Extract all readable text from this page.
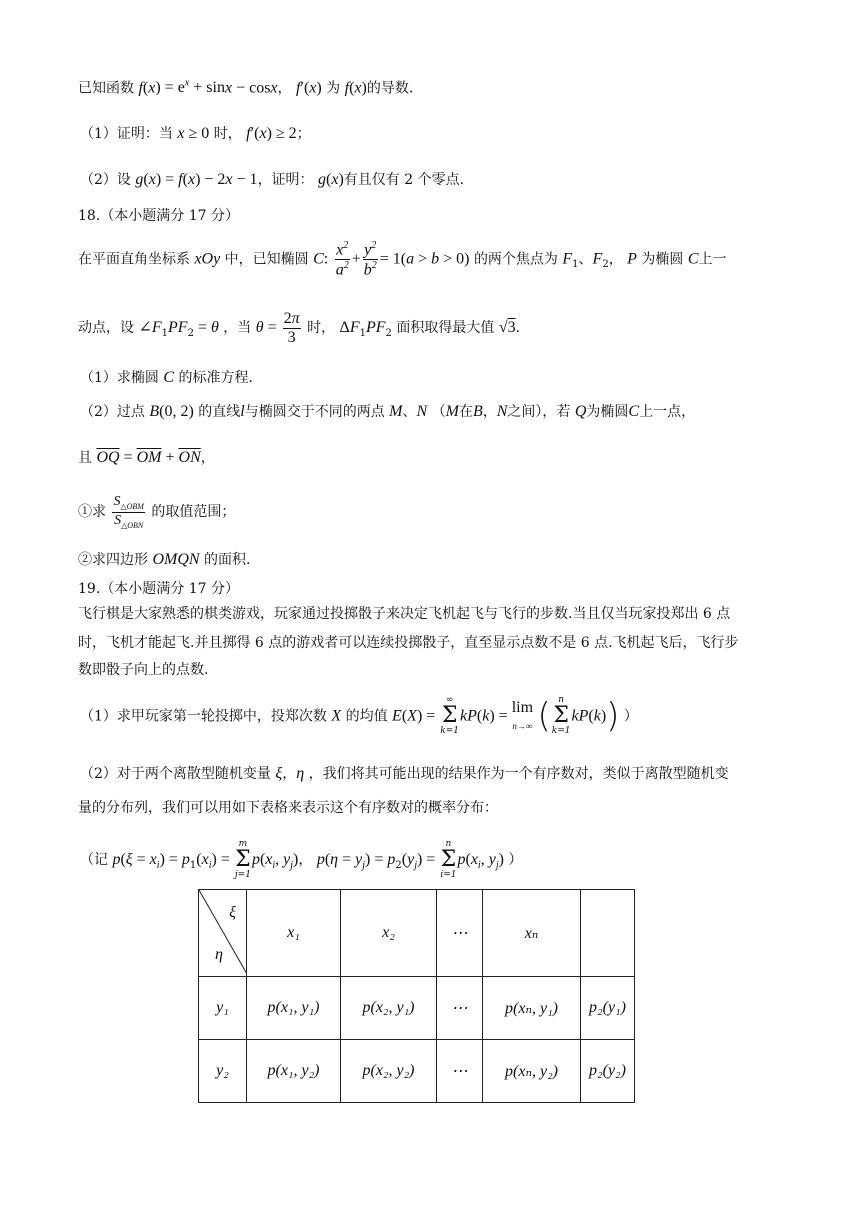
已知函数 $f(x) = e^x + \sin x - \cos x$， f′(x) 为 f(x)的导数.
（1）证明：当 x ≥ 0 时， f′(x) ≥ 2；
（2）设 g(x) = f(x) − 2x − 1，证明： g(x)有且仅有 2 个零点.
18.（本小题满分 17 分）
在平面直角坐标系 xOy 中，已知椭圆 C: $\frac{x^2}{a^2} + \frac{y^2}{b^2} = 1(a > b > 0)$ 的两个焦点为 $F_1$、$F_2$， P 为椭圆 C上一
动点，设 $\angle F_1PF_2 = \theta$ ，当 $\theta = \frac{2\pi}{3}$ 时， $\Delta F_1PF_2$ 面积取得最大值 √3.
（1）求椭圆 C 的标准方程.
（2）过点 B(0, 2) 的直线l与椭圆交于不同的两点 M、N （M在B，N之间），若 Q为椭圆C上一点，
且 $\overline{OQ} = \overline{OM} + \overline{ON}$，
①求 $\frac{S_{\triangle OBM}}{S_{\triangle OBN}}$ 的取值范围；
②求四边形 OMQN 的面积.
19.（本小题满分 17 分）
飞行棋是大家熟悉的棋类游戏，玩家通过投掷骰子来决定飞机起飞与飞行的步数.当且仅当玩家投郑出 6 点
时，飞机才能起飞.并且掷得 6 点的游戏者可以连续投掷骰子，直至显示点数不是 6 点.飞机起飞后，飞行步
数即骰子向上的点数.
（1）求甲玩家第一轮投掷中，投郑次数 X 的均值 E(X) =
∞
Σ
k=1
kP(k) = lim
n→∞ ( n
Σ
k=1
kP(k)) ）
（2）对于两个离散型随机变量 ξ，η ，我们将其可能出现的结果作为一个有序数对，类似于离散型随机变
量的分布列，我们可以用如下表格来表示这个有序数对的概率分布：
（记 $p(\xi = x_i) = p_1(x_i)$ =
m
Σ
j=1
$p(x_i$, $y_j$)， $p(\eta = y_j) = p_2(y_j)$ =
n
Σ
i=1
$p(x_i$, $y_j$) ）
ξ
η	x₁	x₂	⋯	xₙ	
y₁	p(x₁, y₁)	p(x₂, y₁)	⋯	p(xₙ, y₁)	p₂(y₁)
y₂	p(x₁, y₂)	p(x₂, y₂)	⋯	p(xₙ, y₂)	p₂(y₂)
